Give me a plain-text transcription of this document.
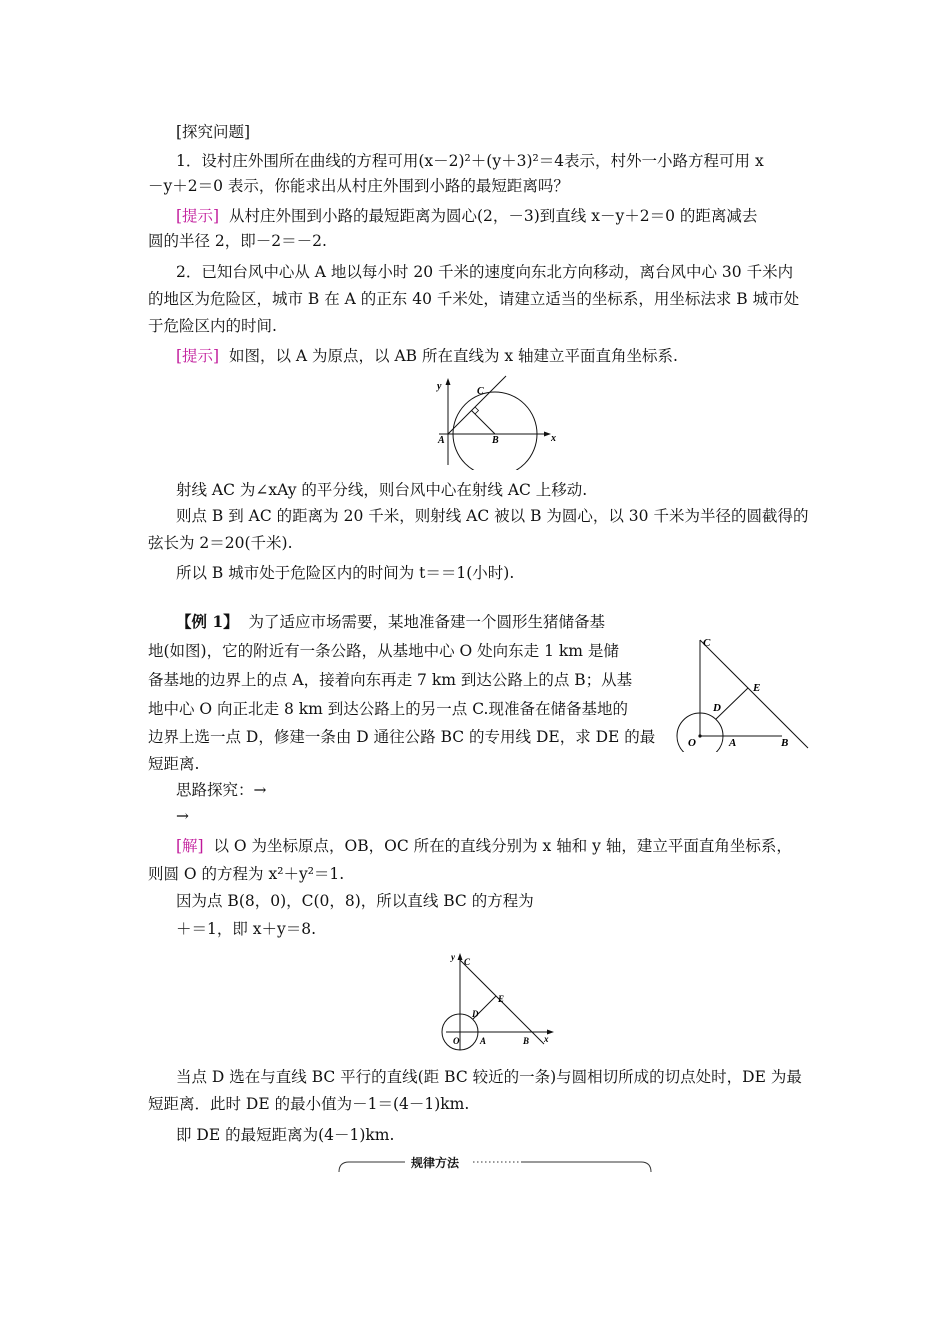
[探究问题]
1．设村庄外围所在曲线的方程可用(x－2)²＋(y＋3)²＝4表示，村外一小路方程可用 x
－y＋2＝0 表示，你能求出从村庄外围到小路的最短距离吗？
[提示] 从村庄外围到小路的最短距离为圆心(2，－3)到直线 x－y＋2＝0 的距离减去
圆的半径 2，即－2＝－2.
2．已知台风中心从 A 地以每小时 20 千米的速度向东北方向移动，离台风中心 30 千米内
的地区为危险区，城市 B 在 A 的正东 40 千米处，请建立适当的坐标系，用坐标法求 B 城市处
于危险区内的时间.
[提示] 如图，以 A 为原点，以 AB 所在直线为 x 轴建立平面直角坐标系.
y
x
A	B
C
射线 AC 为∠xAy 的平分线，则台风中心在射线 AC 上移动.
则点 B 到 AC 的距离为 20 千米，则射线 AC 被以 B 为圆心，以 30 千米为半径的圆截得的
弦长为 2＝20(千米).
所以 B 城市处于危险区内的时间为 t＝＝1(小时).
【例 1】 为了适应市场需要，某地准备建一个圆形生猪储备基
地(如图)，它的附近有一条公路，从基地中心 O 处向东走 1 km 是储
备基地的边界上的点 A，接着向东再走 7 km 到达公路上的点 B；从基
地中心 O 向正北走 8 km 到达公路上的另一点 C.现准备在储备基地的
边界上选一点 D，修建一条由 D 通往公路 BC 的专用线 DE，求 DE 的最
短距离.
C
E
D
O	A	B
思路探究：→
→
[解] 以 O 为坐标原点，OB，OC 所在的直线分别为 x 轴和 y 轴，建立平面直角坐标系，
则圆 O 的方程为 x²＋y²＝1.
因为点 B(8，0)，C(0，8)，所以直线 BC 的方程为
＋＝1，即 x＋y＝8.
y C
E
D
O A	B x
当点 D 选在与直线 BC 平行的直线(距 BC 较近的一条)与圆相切所成的切点处时，DE 为最
短距离．此时 DE 的最小值为－1＝(4－1)km.
即 DE 的最短距离为(4－1)km.
规律方法
